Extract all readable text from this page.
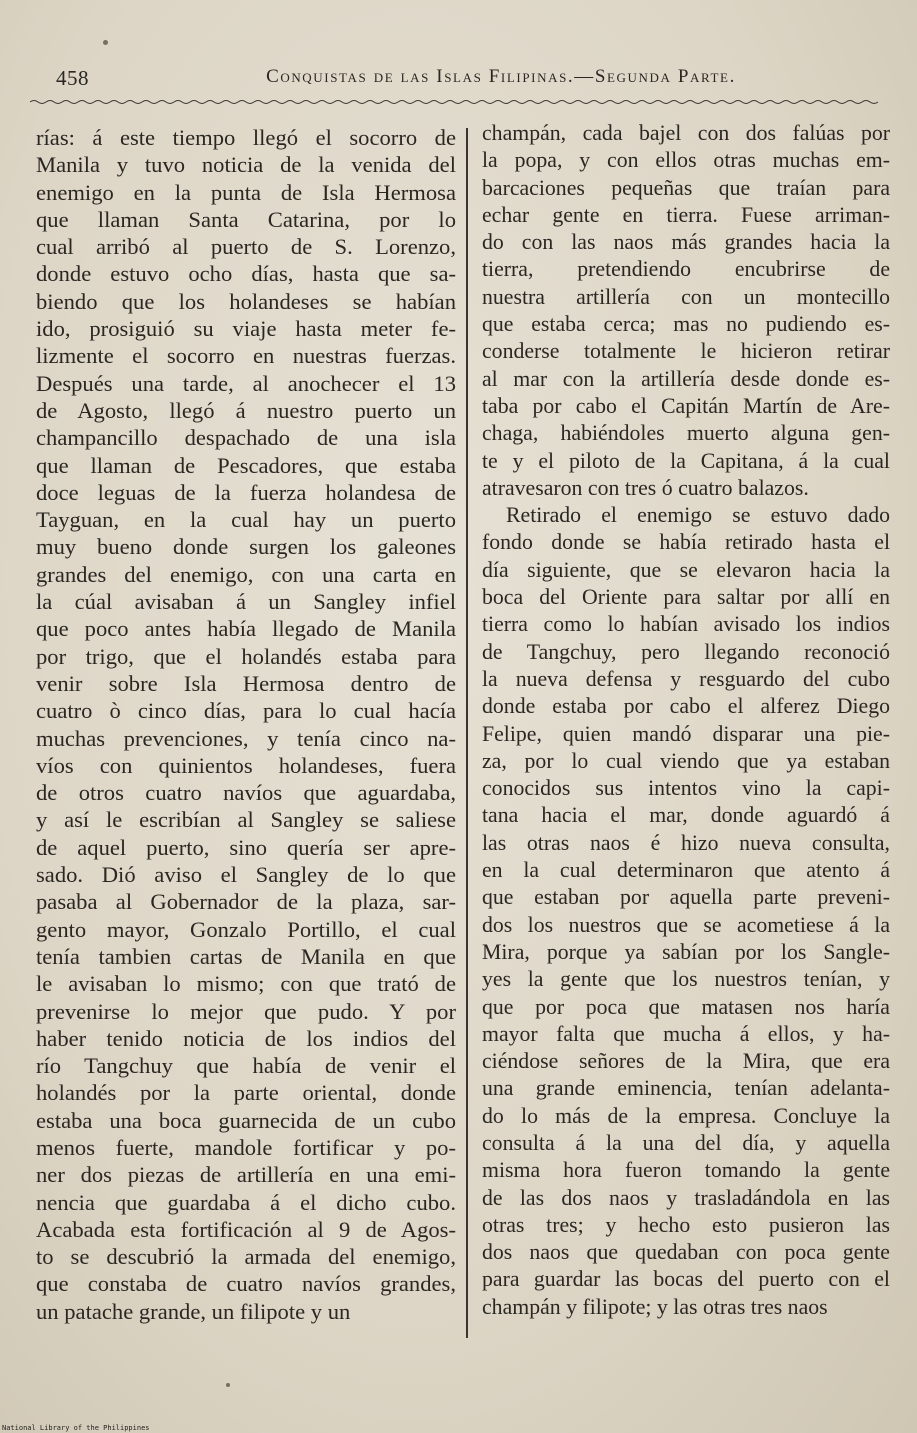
458	Conquistas de las Islas Filipinas.—Segunda Parte.
rías: á este tiempo llegó el socorro de
Manila y tuvo noticia de la venida del
enemigo en la punta de Isla Hermosa
que llaman Santa Catarina, por lo
cual arribó al puerto de S. Lorenzo,
donde estuvo ocho días, hasta que sa-
biendo que los holandeses se habían
ido, prosiguió su viaje hasta meter fe-
lizmente el socorro en nuestras fuerzas.
Después una tarde, al anochecer el 13
de Agosto, llegó á nuestro puerto un
champancillo despachado de una isla
que llaman de Pescadores, que estaba
doce leguas de la fuerza holandesa de
Tayguan, en la cual hay un puerto
muy bueno donde surgen los galeones
grandes del enemigo, con una carta en
la cúal avisaban á un Sangley infiel
que poco antes había llegado de Manila
por trigo, que el holandés estaba para
venir sobre Isla Hermosa dentro de
cuatro ò cinco días, para lo cual hacía
muchas prevenciones, y tenía cinco na-
víos con quinientos holandeses, fuera
de otros cuatro navíos que aguardaba,
y así le escribían al Sangley se saliese
de aquel puerto, sino quería ser apre-
sado. Dió aviso el Sangley de lo que
pasaba al Gobernador de la plaza, sar-
gento mayor, Gonzalo Portillo, el cual
tenía tambien cartas de Manila en que
le avisaban lo mismo; con que trató de
prevenirse lo mejor que pudo. Y por
haber tenido noticia de los indios del
río Tangchuy que había de venir el
holandés por la parte oriental, donde
estaba una boca guarnecida de un cubo
menos fuerte, mandole fortificar y po-
ner dos piezas de artillería en una emi-
nencia que guardaba á el dicho cubo.
Acabada esta fortificación al 9 de Agos-
to se descubrió la armada del enemigo,
que constaba de cuatro navíos grandes,
un patache grande, un filipote y un
champán, cada bajel con dos falúas por
la popa, y con ellos otras muchas em-
barcaciones pequeñas que traían para
echar gente en tierra. Fuese arriman-
do con las naos más grandes hacia la
tierra, pretendiendo encubrirse de
nuestra artillería con un montecillo
que estaba cerca; mas no pudiendo es-
conderse totalmente le hicieron retirar
al mar con la artillería desde donde es-
taba por cabo el Capitán Martín de Are-
chaga, habiéndoles muerto alguna gen-
te y el piloto de la Capitana, á la cual
atravesaron con tres ó cuatro balazos.
Retirado el enemigo se estuvo dado
fondo donde se había retirado hasta el
día siguiente, que se elevaron hacia la
boca del Oriente para saltar por allí en
tierra como lo habían avisado los indios
de Tangchuy, pero llegando reconoció
la nueva defensa y resguardo del cubo
donde estaba por cabo el alferez Diego
Felipe, quien mandó disparar una pie-
za, por lo cual viendo que ya estaban
conocidos sus intentos vino la capi-
tana hacia el mar, donde aguardó á
las otras naos é hizo nueva consulta,
en la cual determinaron que atento á
que estaban por aquella parte preveni-
dos los nuestros que se acometiese á la
Mira, porque ya sabían por los Sangle-
yes la gente que los nuestros tenían, y
que por poca que matasen nos haría
mayor falta que mucha á ellos, y ha-
ciéndose señores de la Mira, que era
una grande eminencia, tenían adelanta-
do lo más de la empresa. Concluye la
consulta á la una del día, y aquella
misma hora fueron tomando la gente
de las dos naos y trasladándola en las
otras tres; y hecho esto pusieron las
dos naos que quedaban con poca gente
para guardar las bocas del puerto con el
champán y filipote; y las otras tres naos
National Library of the Philippines
